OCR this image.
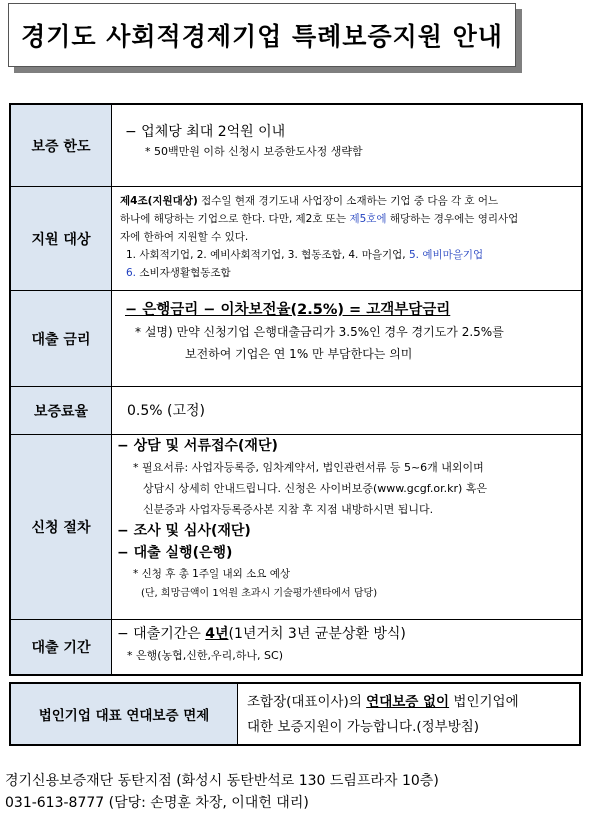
경기도 사회적경제기업 특례보증지원 안내
보증 한도
− 업체당 최대 2억원 이내
* 50백만원 이하 신청시 보증한도사정 생략함
지원 대상
제4조(지원대상) 접수일 현재 경기도내 사업장이 소재하는 기업 중 다음 각 호 어느
하나에 해당하는 기업으로 한다. 다만, 제2호 또는 제5호에 해당하는 경우에는 영리사업
자에 한하여 지원할 수 있다.
1. 사회적기업, 2. 예비사회적기업, 3. 협동조합, 4. 마을기업, 5. 예비마을기업
6. 소비자생활협동조합
대출 금리
− 은행금리 − 이차보전율(2.5%) = 고객부담금리
* 설명) 만약 신청기업 은행대출금리가 3.5%인 경우 경기도가 2.5%를
보전하여 기업은 연 1% 만 부담한다는 의미
보증료율	0.5% (고정)
신청 절차
− 상담 및 서류접수(재단)
* 필요서류: 사업자등록증, 임차계약서, 법인관련서류 등 5~6개 내외이며
상담시 상세히 안내드립니다. 신청은 사이버보증(www.gcgf.or.kr) 혹은
신분증과 사업자등록증사본 지참 후 지점 내방하시면 됩니다.
− 조사 및 심사(재단)
− 대출 실행(은행)
* 신청 후 총 1주일 내외 소요 예상
(단, 희망금액이 1억원 초과시 기술평가센타에서 담당)
대출 기간
− 대출기간은 4년(1년거치 3년 균분상환 방식)
* 은행(농협,신한,우리,하나, SC)
법인기업 대표 연대보증 면제
조합장(대표이사)의 연대보증 없이 법인기업에
대한 보증지원이 가능합니다.(정부방침)
경기신용보증재단 동탄지점 (화성시 동탄반석로 130 드림프라자 10층)
031-613-8777 (담당: 손명훈 차장, 이대헌 대리)
